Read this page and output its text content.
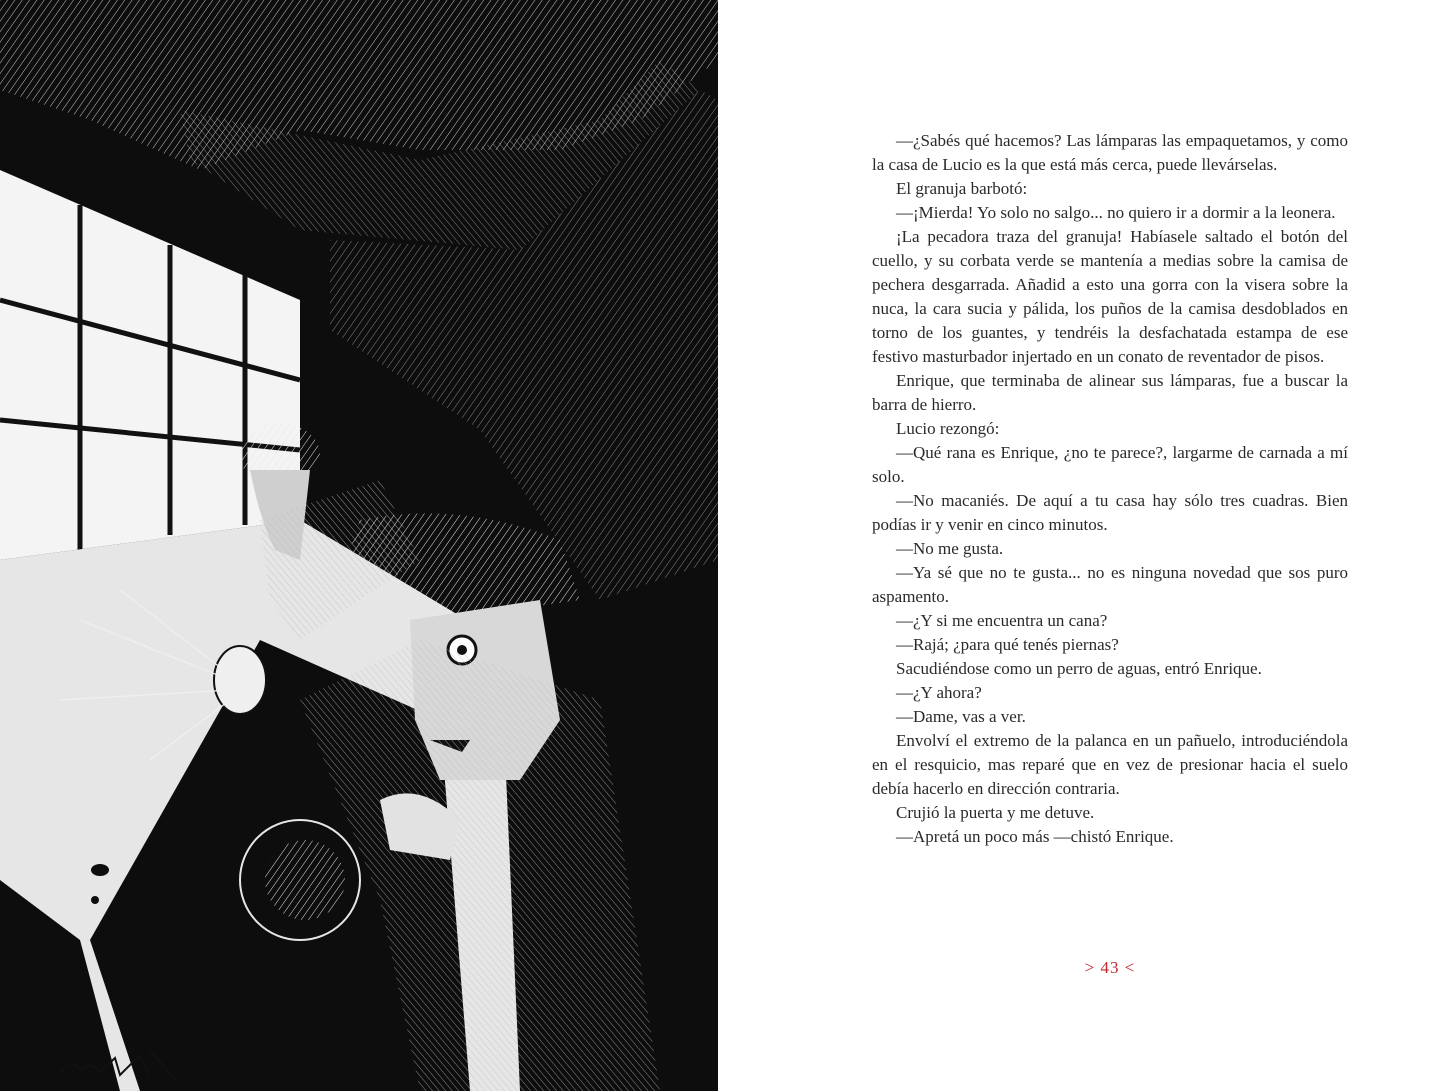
—¿Sabés qué hacemos? Las lámparas las empaquetamos, y como la casa de Lucio es la que está más cerca, puede llevárselas.

El granuja barbotó:

—¡Mierda! Yo solo no salgo... no quiero ir a dormir a la leonera.

¡La pecadora traza del granuja! Habíasele saltado el botón del cuello, y su corbata verde se mantenía a medias sobre la camisa de pechera desgarrada. Añadid a esto una gorra con la visera sobre la nuca, la cara sucia y pálida, los puños de la camisa desdoblados en torno de los guantes, y tendréis la desfachatada estampa de ese festivo masturbador injertado en un conato de reventador de pisos.

Enrique, que terminaba de alinear sus lámparas, fue a buscar la barra de hierro.

Lucio rezongó:

—Qué rana es Enrique, ¿no te parece?, largarme de carnada a mí solo.

—No macaniés. De aquí a tu casa hay sólo tres cuadras. Bien podías ir y venir en cinco minutos.

—No me gusta.

—Ya sé que no te gusta... no es ninguna novedad que sos puro aspamento.

—¿Y si me encuentra un cana?

—Rajá; ¿para qué tenés piernas?

Sacudiéndose como un perro de aguas, entró Enrique.

—¿Y ahora?

—Dame, vas a ver.

Envolví el extremo de la palanca en un pañuelo, introduciéndola en el resquicio, mas reparé que en vez de presionar hacia el suelo debía hacerlo en dirección contraria.

Crujió la puerta y me detuve.

—Apretá un poco más —chistó Enrique.

> 43 <
